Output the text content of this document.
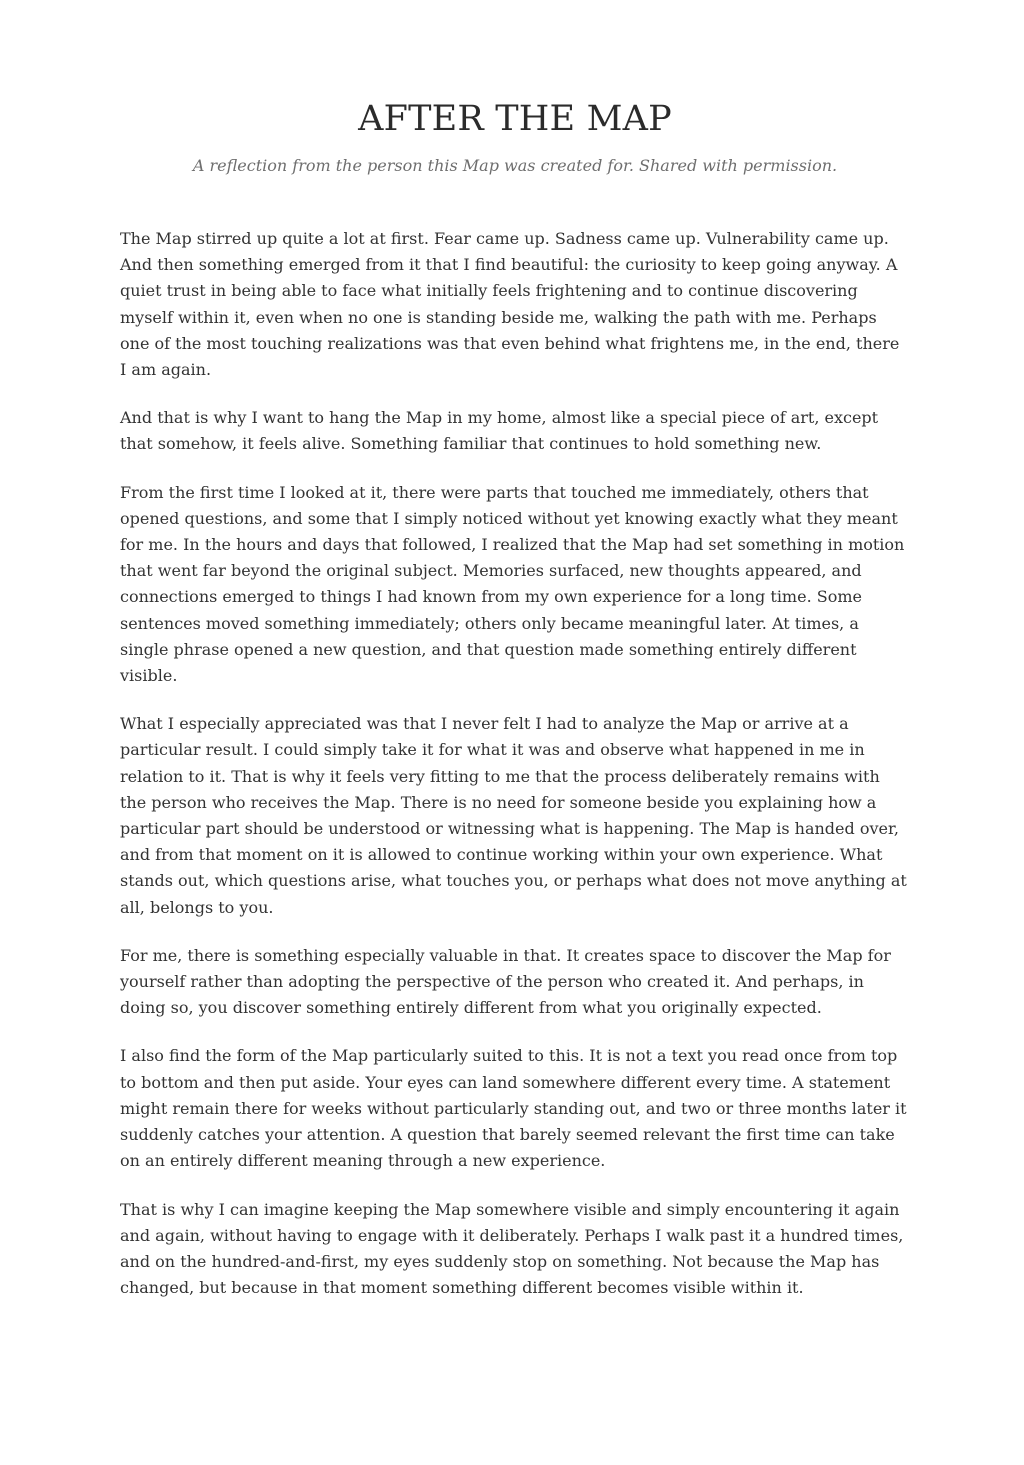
AFTER THE MAP

A reflection from the person this Map was created for. Shared with permission.

The Map stirred up quite a lot at first. Fear came up. Sadness came up. Vulnerability came up. And then something emerged from it that I find beautiful: the curiosity to keep going anyway. A quiet trust in being able to face what initially feels frightening and to continue discovering myself within it, even when no one is standing beside me, walking the path with me. Perhaps one of the most touching realizations was that even behind what frightens me, in the end, there I am again.

And that is why I want to hang the Map in my home, almost like a special piece of art, except that somehow, it feels alive. Something familiar that continues to hold something new.

From the first time I looked at it, there were parts that touched me immediately, others that opened questions, and some that I simply noticed without yet knowing exactly what they meant for me. In the hours and days that followed, I realized that the Map had set something in motion that went far beyond the original subject. Memories surfaced, new thoughts appeared, and connections emerged to things I had known from my own experience for a long time. Some sentences moved something immediately; others only became meaningful later. At times, a single phrase opened a new question, and that question made something entirely different visible.

What I especially appreciated was that I never felt I had to analyze the Map or arrive at a particular result. I could simply take it for what it was and observe what happened in me in relation to it. That is why it feels very fitting to me that the process deliberately remains with the person who receives the Map. There is no need for someone beside you explaining how a particular part should be understood or witnessing what is happening. The Map is handed over, and from that moment on it is allowed to continue working within your own experience. What stands out, which questions arise, what touches you, or perhaps what does not move anything at all, belongs to you.

For me, there is something especially valuable in that. It creates space to discover the Map for yourself rather than adopting the perspective of the person who created it. And perhaps, in doing so, you discover something entirely different from what you originally expected.

I also find the form of the Map particularly suited to this. It is not a text you read once from top to bottom and then put aside. Your eyes can land somewhere different every time. A statement might remain there for weeks without particularly standing out, and two or three months later it suddenly catches your attention. A question that barely seemed relevant the first time can take on an entirely different meaning through a new experience.

That is why I can imagine keeping the Map somewhere visible and simply encountering it again and again, without having to engage with it deliberately. Perhaps I walk past it a hundred times, and on the hundred-and-first, my eyes suddenly stop on something. Not because the Map has changed, but because in that moment something different becomes visible within it.
